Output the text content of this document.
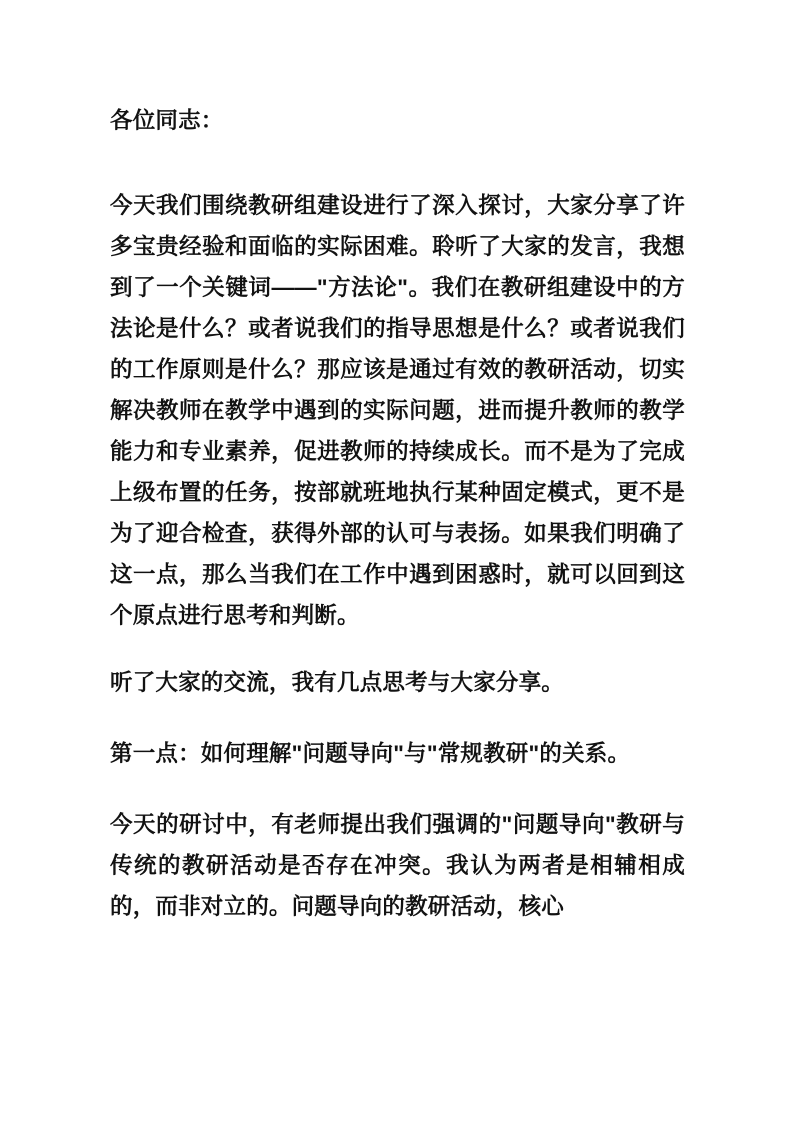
各位同志：

今天我们围绕教研组建设进行了深入探讨，大家分享了许多宝贵经验和面临的实际困难。聆听了大家的发言，我想到了一个关键词——"方法论"。我们在教研组建设中的方法论是什么？或者说我们的指导思想是什么？或者说我们的工作原则是什么？那应该是通过有效的教研活动，切实解决教师在教学中遇到的实际问题，进而提升教师的教学能力和专业素养，促进教师的持续成长。而不是为了完成上级布置的任务，按部就班地执行某种固定模式，更不是为了迎合检查，获得外部的认可与表扬。如果我们明确了这一点，那么当我们在工作中遇到困惑时，就可以回到这个原点进行思考和判断。

听了大家的交流，我有几点思考与大家分享。

第一点：如何理解"问题导向"与"常规教研"的关系。

今天的研讨中，有老师提出我们强调的"问题导向"教研与传统的教研活动是否存在冲突。我认为两者是相辅相成的，而非对立的。问题导向的教研活动，核心
